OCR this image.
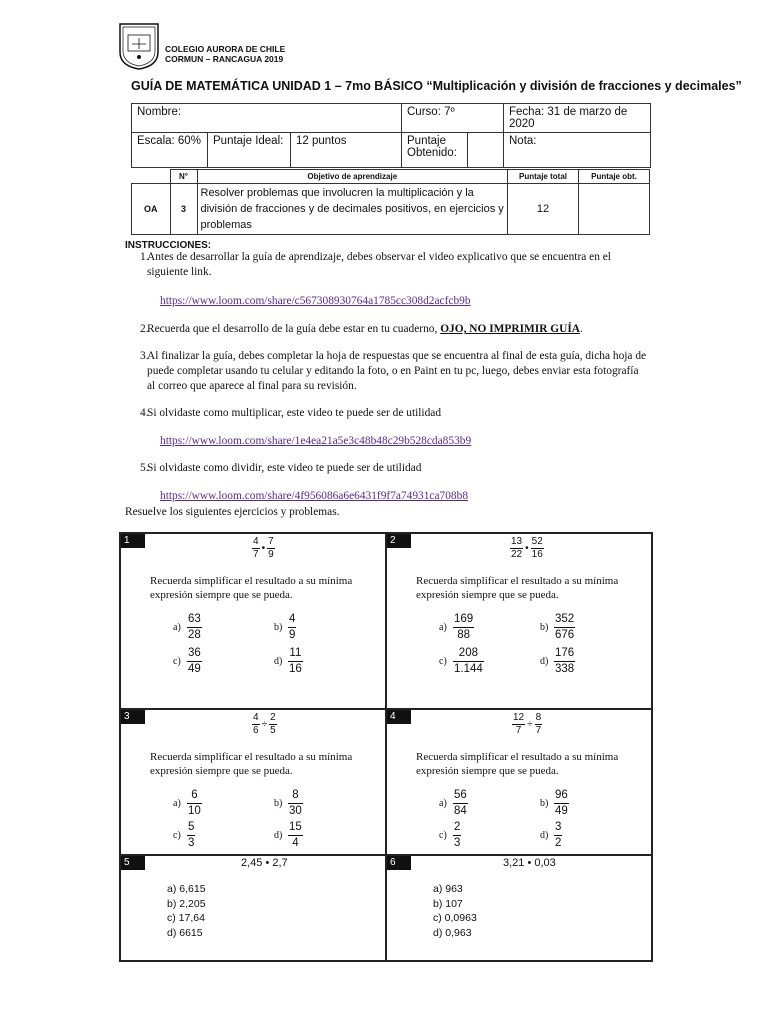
COLEGIO AURORA DE CHILE
CORMUN – RANCAGUA 2019
GUÍA DE MATEMÁTICA UNIDAD 1 – 7mo BÁSICO “Multiplicación y división de fracciones y decimales”
Nombre:			Curso: 7º		Fecha: 31 de marzo de 2020
Escala: 60%	Puntaje Ideal:	12 puntos	Puntaje Obtenido:		Nota:
	N°	Objetivo de aprendizaje	Puntaje total	Puntaje obt.
OA	3	Resolver problemas que involucren la multiplicación y la división de fracciones y de decimales positivos, en ejercicios y problemas	12	
INSTRUCCIONES:
1.
Antes de desarrollar la guía de aprendizaje, debes observar el video explicativo que se encuentra en el siguiente link.
https://www.loom.com/share/c567308930764a1785cc308d2acfcb9b
2.
Recuerda que el desarrollo de la guía debe estar en tu cuaderno, OJO, NO IMPRIMIR GUÍA.
3.
Al finalizar la guía, debes completar la hoja de respuestas que se encuentra al final de esta guía, dicha hoja de puede completar usando tu celular y editando la foto, o en Paint en tu pc, luego, debes enviar esta fotografía al correo que aparece al final para su revisión.
4.
Si olvidaste como multiplicar, este video te puede ser de utilidad
https://www.loom.com/share/1e4ea21a5e3c48b48c29b528cda853b9
5.
Si olvidaste como dividir, este video te puede ser de utilidad
https://www.loom.com/share/4f956086a6e6431f9f7a74931ca708b8
Resuelve los siguientes ejercicios y problemas.
1	$\frac{4}{7}$ • $\frac{7}{9}$
Recuerda simplificar el resultado a su mínima expresión siempre que se pueda.
$a) \frac{63}{28}$	$b) \frac{4}{9}$
$c) \frac{36}{49}$	$d) \frac{11}{16}$
2	$\frac{13}{22}$ • $\frac{52}{16}$
Recuerda simplificar el resultado a su mínima expresión siempre que se pueda.
$a) \frac{169}{88}$	$b) \frac{352}{676}$
$c) \frac{208}{1.144}$	$d) \frac{176}{338}$
3	$\frac{4}{6} \div \frac{2}{5}$
Recuerda simplificar el resultado a su mínima expresión siempre que se pueda.
$a) \frac{6}{10}$	$b) \frac{8}{30}$
$c) \frac{5}{3}$	$d) \frac{15}{4}$
4	$\frac{12}{7} \div \frac{8}{7}$
Recuerda simplificar el resultado a su mínima expresión siempre que se pueda.
$a) \frac{56}{84}$	$b) \frac{96}{49}$
$c) \frac{2}{3}$	$d) \frac{3}{2}$
5	2,45 • 2,7
a) 6,615
b) 2,205
c) 17,64
d) 6615
6	3,21 • 0,03
a) 963
b) 107
c) 0,0963
d) 0,963
